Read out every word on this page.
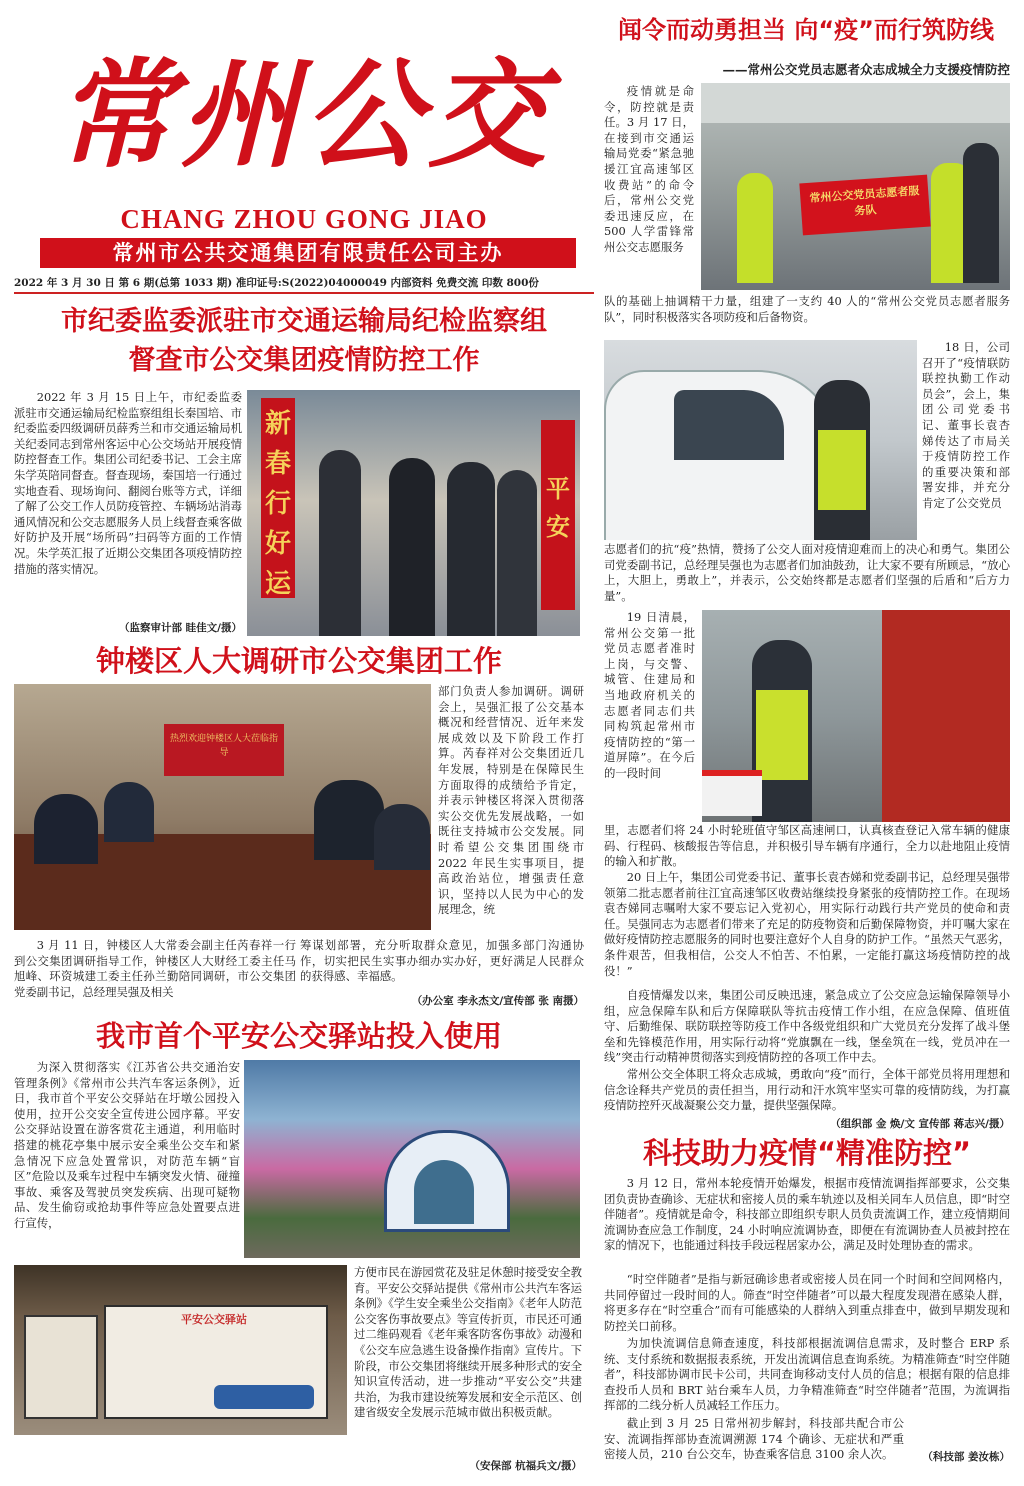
常州公交
CHANG ZHOU GONG JIAO
常州市公共交通集团有限责任公司主办
2022 年 3 月 30 日 第 6 期(总第 1033 期) 准印证号:S(2022)04000049 内部资料 免费交流 印数 800份
市纪委监委派驻市交通运输局纪检监察组
督查市公交集团疫情防控工作
2022 年 3 月 15 日上午，市纪委监委派驻市交通运输局纪检监察组组长秦国培、市纪委监委四级调研员薛秀兰和市交通运输局机关纪委同志到常州客运中心公交场站开展疫情防控督查工作。集团公司纪委书记、工会主席朱学英陪同督查。督查现场，秦国培一行通过实地查看、现场询问、翻阅台账等方式，详细了解了公交工作人员防疫管控、车辆场站消毒通风情况和公交志愿服务人员上线督查乘客做好防护及开展“场所码”扫码等方面的工作情况。朱学英汇报了近期公交集团各项疫情防控措施的落实情况。
新春行好运
平安
（监察审计部 眭佳文/摄）
钟楼区人大调研市公交集团工作
热烈欢迎钟楼区人大莅临指导
部门负责人参加调研。调研会上，吴强汇报了公交基本概况和经营情况、近年来发展成效以及下阶段工作打算。芮春祥对公交集团近几年发展，特别是在保障民生方面取得的成绩给予肯定，并表示钟楼区将深入贯彻落实公交优先发展战略，一如既往支持城市公交发展。同时希望公交集团围绕市 2022 年民生实事项目，提高政治站位，增强责任意识，坚持以人民为中心的发展理念，统
3 月 11 日，钟楼区人大常委会副主任芮春祥一行到公交集团调研指导工作，钟楼区人大财经工委主任马旭峰、环资城建工委主任孙兰勤陪同调研，市公交集团党委副书记，总经理吴强及相关
筹谋划部署，充分听取群众意见，加强多部门沟通协作，切实把民生实事办细办实办好，更好满足人民群众的获得感、幸福感。
（办公室 李永杰文/宣传部 张 南摄）
我市首个平安公交驿站投入使用
为深入贯彻落实《江苏省公共交通治安管理条例》《常州市公共汽车客运条例》，近日，我市首个平安公交驿站在圩墩公园投入使用，拉开公交安全宣传进公园序幕。平安公交驿站设置在游客赏花主通道，利用临时搭建的桃花亭集中展示安全乘坐公交车和紧急情况下应急处置常识，对防范车辆“盲区”危险以及乘车过程中车辆突发火情、碰撞事故、乘客及驾驶员突发疾病、出现可疑物品、发生偷窃或抢劫事件等应急处置要点进行宣传，
平安公交驿站
方便市民在游园赏花及驻足休憩时接受安全教育。平安公交驿站提供《常州市公共汽车客运条例》《学生安全乘坐公交指南》《老年人防范公交客伤事故要点》等宣传折页，市民还可通过二维码观看《老年乘客防客伤事故》动漫和《公交车应急逃生设备操作指南》宣传片。下阶段，市公交集团将继续开展多种形式的安全知识宣传活动，进一步推动“平安公交”共建共治，为我市建设统筹发展和安全示范区、创建省级安全发展示范城市做出积极贡献。
（安保部 杭福兵文/摄）
闻令而动勇担当 向“疫”而行筑防线
——常州公交党员志愿者众志成城全力支援疫情防控
疫情就是命令，防控就是责任。3 月 17 日，在接到市交通运输局党委“紧急驰援江宜高速邹区收费站”的命令后，常州公交党委迅速反应，在 500 人学雷锋常州公交志愿服务
常州公交党员志愿者服务队
队的基础上抽调精干力量，组建了一支约 40 人的“常州公交党员志愿者服务队”，同时积极落实各项防疫和后备物资。
18 日，公司召开了“疫情联防联控执勤工作动员会”，会上，集团公司党委书记、董事长袁杏娣传达了市局关于疫情防控工作的重要决策和部署安排，并充分肯定了公交党员
志愿者们的抗“疫”热情，赞扬了公交人面对疫情迎难而上的决心和勇气。集团公司党委副书记，总经理吴强也为志愿者们加油鼓劲，让大家不要有所顾忌，“放心上，大胆上，勇敢上”，并表示，公交始终都是志愿者们坚强的后盾和“后方力量”。
19 日清晨，常州公交第一批党员志愿者准时上岗，与交警、城管、住建局和当地政府机关的志愿者同志们共同构筑起常州市疫情防控的“第一道屏障”。在今后的一段时间
里，志愿者们将 24 小时轮班值守邹区高速闸口，认真核查登记入常车辆的健康码、行程码、核酸报告等信息，并积极引导车辆有序通行，全力以赴地阻止疫情的输入和扩散。
20 日上午，集团公司党委书记、董事长袁杏娣和党委副书记，总经理吴强带领第二批志愿者前往江宜高速邹区收费站继续投身紧张的疫情防控工作。在现场袁杏娣同志嘱咐大家不要忘记入党初心，用实际行动践行共产党员的使命和责任。吴强同志为志愿者们带来了充足的防疫物资和后勤保障物资，并叮嘱大家在做好疫情防控志愿服务的同时也要注意好个人自身的防护工作。“虽然天气恶劣，条件艰苦，但我相信，公交人不怕苦、不怕累，一定能打赢这场疫情防控的战役！”
自疫情爆发以来，集团公司反映迅速，紧急成立了公交应急运输保障领导小组，应急保障车队和后方保障联队等抗击疫情工作小组，在应急保障、值班值守、后勤维保、联防联控等防疫工作中各级党组织和广大党员充分发挥了战斗堡垒和先锋模范作用，用实际行动将“党旗飘在一线，堡垒筑在一线，党员冲在一线”突击行动精神贯彻落实到疫情防控的各项工作中去。
常州公交全体职工将众志成城，勇敢向“疫”而行，全体干部党员将用理想和信念诠释共产党员的责任担当，用行动和汗水筑牢坚实可靠的疫情防线，为打赢疫情防控歼灭战凝聚公交力量，提供坚强保障。
（组织部 金 焕/文 宣传部 蒋志兴/摄）
科技助力疫情“精准防控”
3 月 12 日，常州本轮疫情开始爆发，根据市疫情流调指挥部要求，公交集团负责协查确诊、无症状和密接人员的乘车轨迹以及相关同车人员信息，即“时空伴随者”。疫情就是命令，科技部立即组织专职人员负责流调工作，建立疫情期间流调协查应急工作制度，24 小时响应流调协查，即便在有流调协查人员被封控在家的情况下，也能通过科技手段远程居家办公，满足及时处理协查的需求。
“时空伴随者”是指与新冠确诊患者或密接人员在同一个时间和空间网格内，共同停留过一段时间的人。筛查“时空伴随者”可以最大程度发现潜在感染人群，将更多存在“时空重合”而有可能感染的人群纳入到重点排查中，做到早期发现和防控关口前移。
为加快流调信息筛查速度，科技部根据流调信息需求，及时整合 ERP 系统、支付系统和数据报表系统，开发出流调信息查询系统。为精准筛查“时空伴随者”，科技部协调市民卡公司，共同查询移动支付人员的信息；根据有限的信息排查投币人员和 BRT 站台乘车人员，力争精准筛查“时空伴随者”范围，为流调指挥部的二线分析人员减轻工作压力。
截止到 3 月 25 日常州初步解封，科技部共配合市公安、流调指挥部协查流调溯源 174 个确诊、无症状和严重密接人员，210 台公交车，协查乘客信息 3100 余人次。	（科技部 姜汝栋）
